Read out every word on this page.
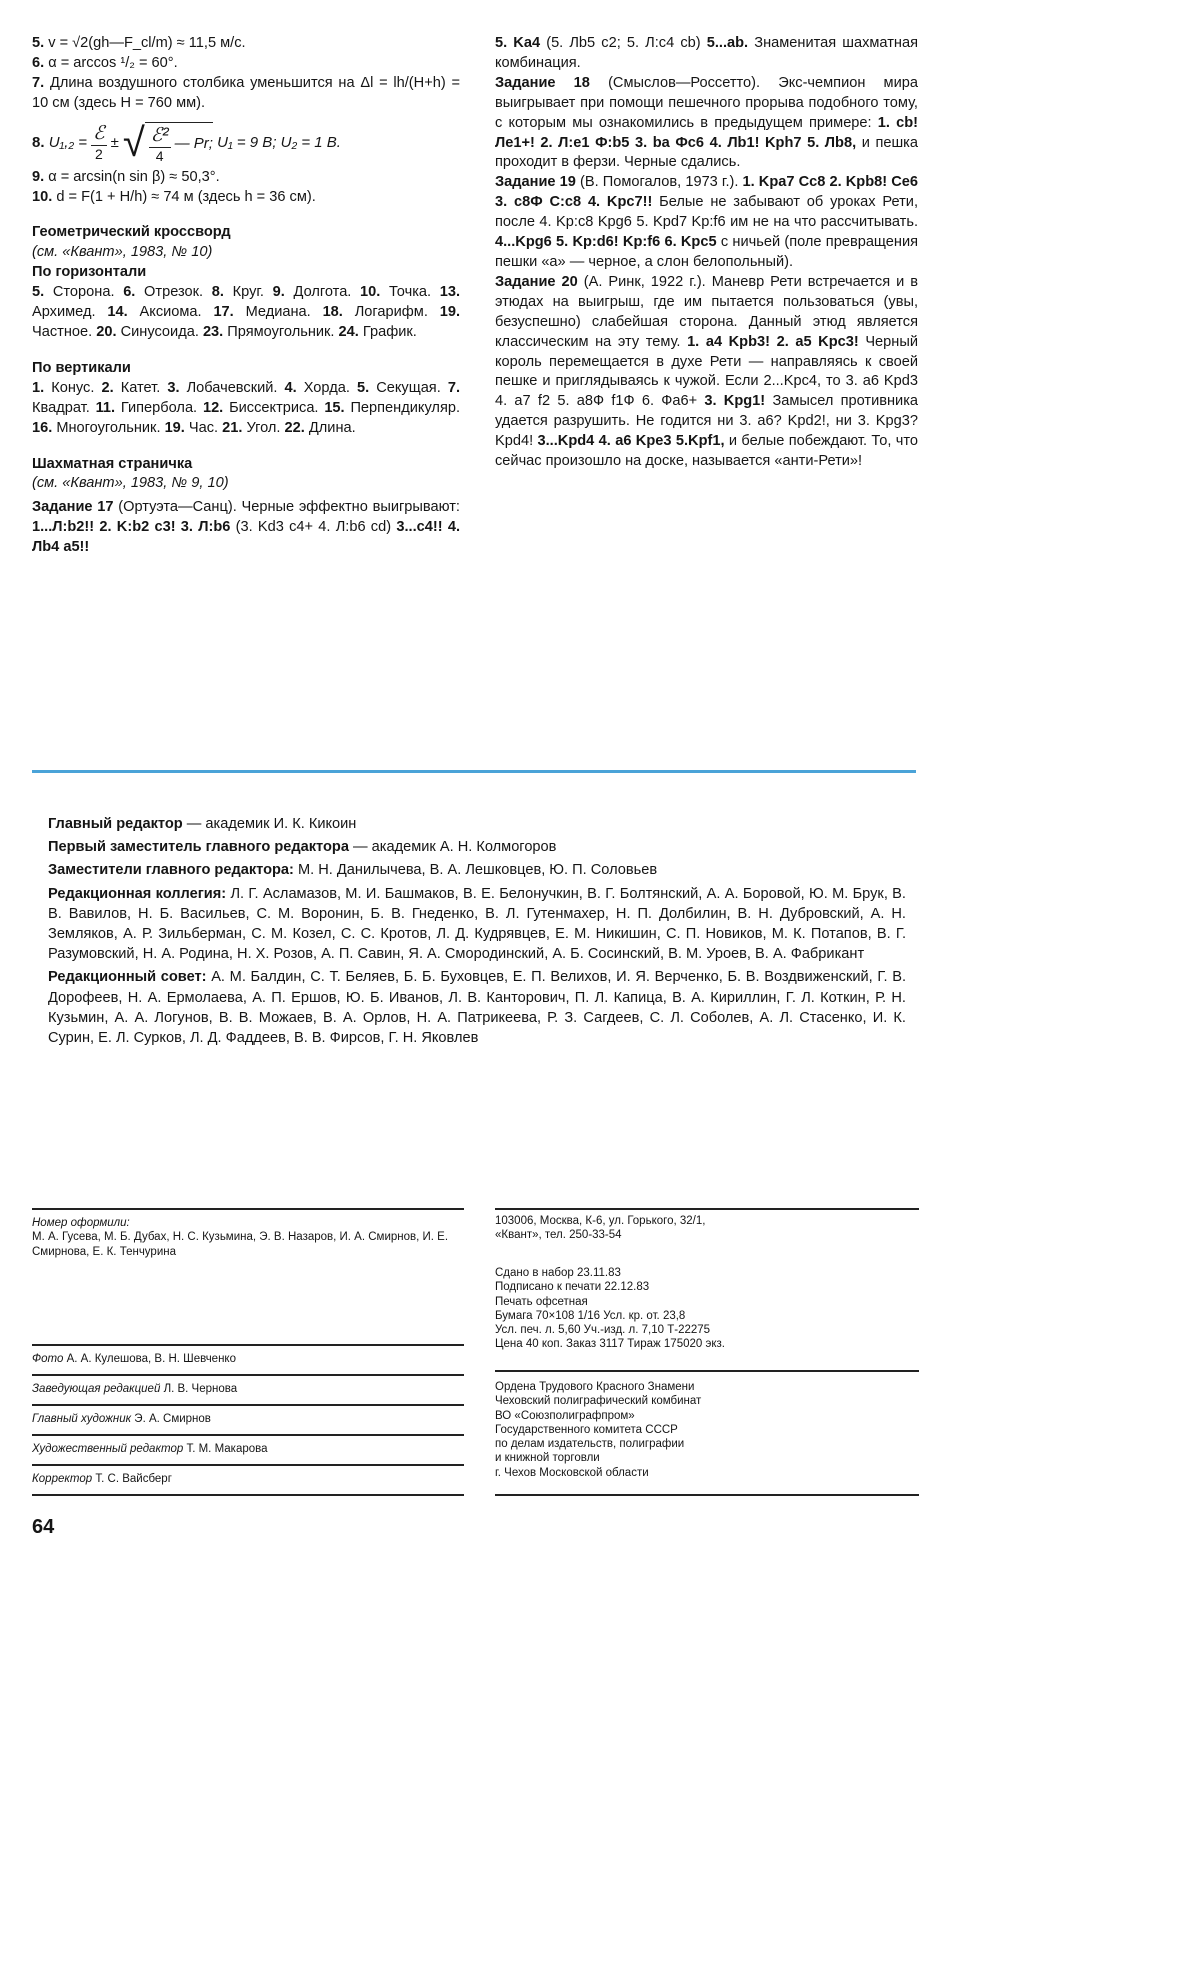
5. v = √2(gh—F_cl/m) ≈ 11,5 м/с.

6. α = arccos ¹/₂ = 60°.

7. Длина воздушного столбика уменьшится на Δl = lh/(H+h) = 10 см (здесь H = 760 мм).

8.
$U_1,_2 = \frac{\text{ℰ}}{2}$ ± √ $\frac{\text{ℰ²}}{4}$ — Pr;
U₁ = 9 В; U₂ = 1 В.

9. α = arcsin(n sin β) ≈ 50,3°.

10. d = F(1 + H/h) ≈ 74 м (здесь h = 36 см).

Геометрический кроссворд

(см. «Квант», 1983, № 10)

По горизонтали

5. Сторона. 6. Отрезок. 8. Круг. 9. Долгота. 10. Точка. 13. Архимед. 14. Аксиома. 17. Медиана. 18. Логарифм. 19. Частное. 20. Синусоида. 23. Прямоугольник. 24. График.

По вертикали

1. Конус. 2. Катет. 3. Лобачевский. 4. Хорда. 5. Секущая. 7. Квадрат. 11. Гипербола. 12. Биссектриса. 15. Перпендикуляр. 16. Многоугольник. 19. Час. 21. Угол. 22. Длина.

Шахматная страничка

(см. «Квант», 1983, № 9, 10)

Задание 17 (Ортуэта—Санц). Черные эффектно выигрывают: 1...Л:b2!! 2. K:b2 c3! 3. Л:b6 (3. Kd3 c4+ 4. Л:b6 cd) 3...c4!! 4. Лb4 a5!!

5. Ka4 (5. Лb5 c2; 5. Л:c4 cb) 5...ab. Знаменитая шахматная комбинация.

Задание 18 (Смыслов—Россетто). Экс-чемпион мира выигрывает при помощи пешечного прорыва подобного тому, с которым мы ознакомились в предыдущем примере: 1. cb! Лe1+! 2. Л:e1 Ф:b5 3. ba Фc6 4. Лb1! Kph7 5. Лb8, и пешка проходит в ферзи. Черные сдались.

Задание 19 (В. Помогалов, 1973 г.). 1. Kpa7 Cc8 2. Kpb8! Ce6 3. c8Ф C:c8 4. Kpc7!! Белые не забывают об уроках Рети, после 4. Kp:c8 Kpg6 5. Kpd7 Kp:f6 им не на что рассчитывать. 4...Kpg6 5. Kp:d6! Kp:f6 6. Kpc5 с ничьей (поле превращения пешки «а» — черное, а слон белопольный).

Задание 20 (А. Ринк, 1922 г.). Маневр Рети встречается и в этюдах на выигрыш, где им пытается пользоваться (увы, безуспешно) слабейшая сторона. Данный этюд является классическим на эту тему. 1. a4 Kpb3! 2. a5 Kpc3! Черный король перемещается в духе Рети — направляясь к своей пешке и приглядываясь к чужой. Если 2...Kpc4, то 3. a6 Kpd3 4. a7 f2 5. a8Ф f1Ф 6. Фa6+ 3. Kpg1! Замысел противника удается разрушить. Не годится ни 3. a6? Kpd2!, ни 3. Kpg3? Kpd4! 3...Kpd4 4. a6 Kpe3 5.Kpf1, и белые побеждают. То, что сейчас произошло на доске, называется «анти-Рети»!

Главный редактор — академик И. К. Кикоин

Первый заместитель главного редактора — академик А. Н. Колмогоров

Заместители главного редактора: М. Н. Данилычева, В. А. Лешковцев, Ю. П. Соловьев

Редакционная коллегия: Л. Г. Асламазов, М. И. Башмаков, В. Е. Белонучкин, В. Г. Болтянский, А. А. Боровой, Ю. М. Брук, В. В. Вавилов, Н. Б. Васильев, С. М. Воронин, Б. В. Гнеденко, В. Л. Гутенмахер, Н. П. Долбилин, В. Н. Дубровский, А. Н. Земляков, А. Р. Зильберман, С. М. Козел, С. С. Кротов, Л. Д. Кудрявцев, Е. М. Никишин, С. П. Новиков, М. К. Потапов, В. Г. Разумовский, Н. А. Родина, Н. Х. Розов, А. П. Савин, Я. А. Смородинский, А. Б. Сосинский, В. М. Уроев, В. А. Фабрикант

Редакционный совет: А. М. Балдин, С. Т. Беляев, Б. Б. Буховцев, Е. П. Велихов, И. Я. Верченко, Б. В. Воздвиженский, Г. В. Дорофеев, Н. А. Ермолаева, А. П. Ершов, Ю. Б. Иванов, Л. В. Канторович, П. Л. Капица, В. А. Кириллин, Г. Л. Коткин, Р. Н. Кузьмин, А. А. Логунов, В. В. Можаев, В. А. Орлов, Н. А. Патрикеева, Р. З. Сагдеев, С. Л. Соболев, А. Л. Стасенко, И. К. Сурин, Е. Л. Сурков, Л. Д. Фаддеев, В. В. Фирсов, Г. Н. Яковлев

Номер оформили:

М. А. Гусева, М. Б. Дубах, Н. С. Кузьмина, Э. В. Назаров, И. А. Смирнов, И. Е. Смирнова, Е. К. Тенчурина

Фото А. А. Кулешова, В. Н. Шевченко

Заведующая редакцией Л. В. Чернова

Главный художник Э. А. Смирнов

Художественный редактор Т. М. Макарова

Корректор Т. С. Вайсберг

103006, Москва, К-6, ул. Горького, 32/1,

«Квант», тел. 250-33-54

Сдано в набор 23.11.83

Подписано к печати 22.12.83

Печать офсетная

Бумага 70×108 1/16 Усл. кр. от. 23,8

Усл. печ. л. 5,60 Уч.-изд. л. 7,10 Т-22275

Цена 40 коп. Заказ 3117 Тираж 175020 экз.

Ордена Трудового Красного Знамени

Чеховский полиграфический комбинат

ВО «Союзполиграфпром»

Государственного комитета СССР

по делам издательств, полиграфии

и книжной торговли

г. Чехов Московской области

64
